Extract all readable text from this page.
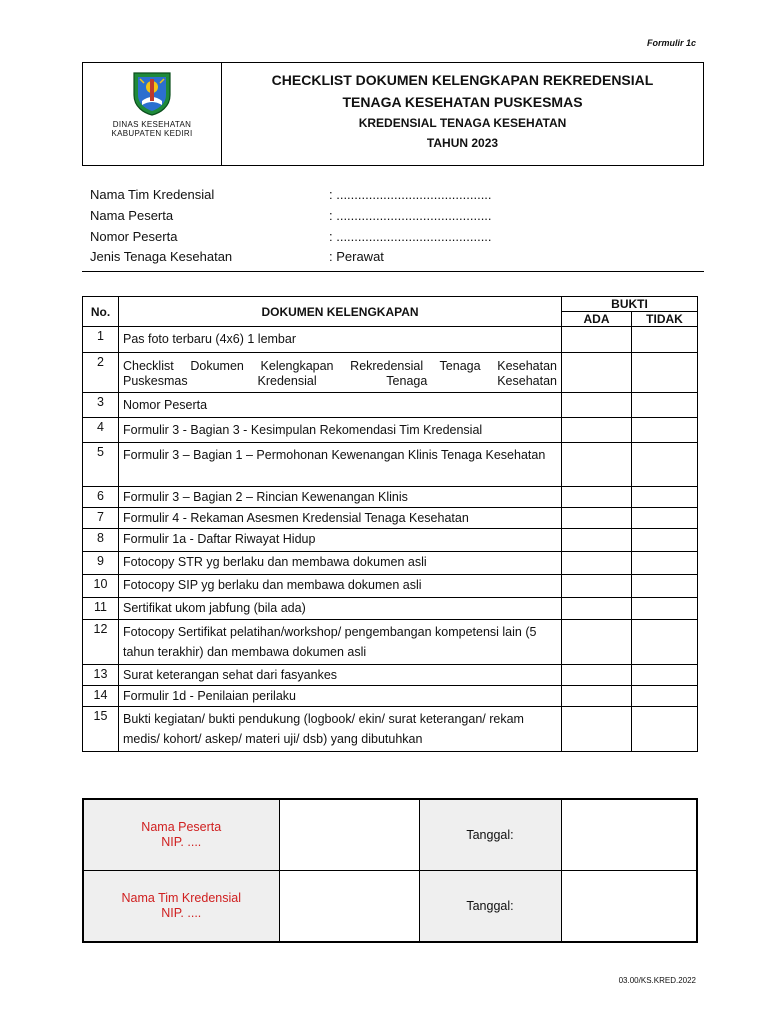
Formulir 1c
DINAS KESEHATAN
KABUPATEN KEDIRI
CHECKLIST DOKUMEN KELENGKAPAN REKREDENSIAL
TENAGA KESEHATAN PUSKESMAS
KREDENSIAL TENAGA KESEHATAN
TAHUN 2023
Nama Tim Kredensial	: ...........................................
Nama Peserta	: ...........................................
Nomor Peserta	: ...........................................
Jenis Tenaga Kesehatan	: Perawat
No.	DOKUMEN KELENGKAPAN	BUKTI	
		ADA	TIDAK
1	Pas foto terbaru (4x6) 1 lembar		
2	Checklist Dokumen Kelengkapan Rekredensial Tenaga Kesehatan Puskesmas Kredensial Tenaga Kesehatan		
3	Nomor Peserta		
4	Formulir 3 - Bagian 3 - Kesimpulan Rekomendasi Tim Kredensial		
5	Formulir 3 – Bagian 1 – Permohonan Kewenangan Klinis Tenaga Kesehatan		
6	Formulir 3 – Bagian 2 – Rincian Kewenangan Klinis		
7	Formulir 4 - Rekaman Asesmen Kredensial Tenaga Kesehatan		
8	Formulir 1a - Daftar Riwayat Hidup		
9	Fotocopy STR yg berlaku dan membawa dokumen asli		
10	Fotocopy SIP yg berlaku dan membawa dokumen asli		
11	Sertifikat ukom jabfung (bila ada)		
12	Fotocopy Sertifikat pelatihan/workshop/ pengembangan kompetensi lain (5 tahun terakhir) dan membawa dokumen asli		
13	Surat keterangan sehat dari fasyankes		
14	Formulir 1d - Penilaian perilaku		
15	Bukti kegiatan/ bukti pendukung (logbook/ ekin/ surat keterangan/ rekam medis/ kohort/ askep/ materi uji/ dsb) yang dibutuhkan		
Nama Peserta
NIP. ....		Tanggal:	

Nama Tim Kredensial
NIP. ....		Tanggal:	
03.00/KS.KRED.2022
